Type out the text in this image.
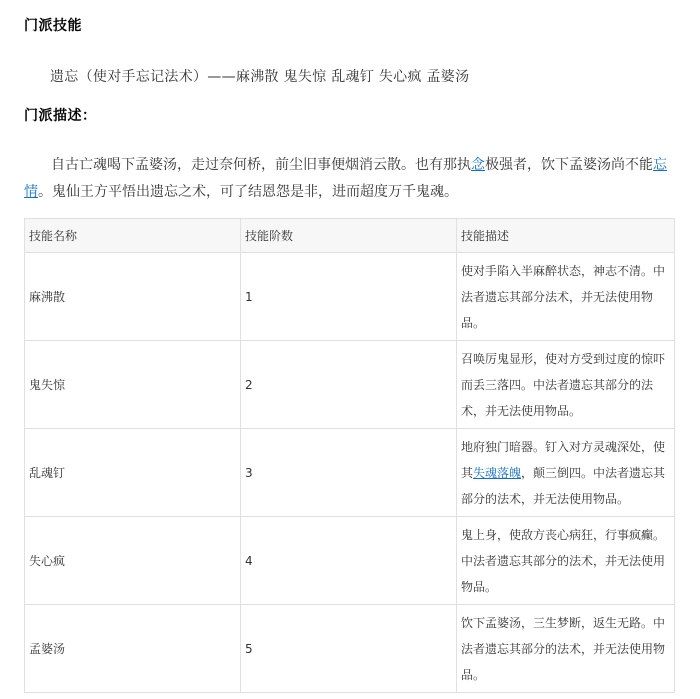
门派技能
遗忘（使对手忘记法术）——麻沸散 鬼失惊 乱魂钉 失心疯 孟婆汤
门派描述：

自古亡魂喝下孟婆汤，走过奈何桥，前尘旧事便烟消云散。也有那执念极强者，饮下孟婆汤尚不能忘情。鬼仙王方平悟出遗忘之术，可了结恩怨是非，进而超度万千鬼魂。

技能名称	技能阶数	技能描述
麻沸散	1	使对手陷入半麻醉状态，神志不清。中法者遗忘其部分法术，并无法使用物品。
鬼失惊	2	召唤厉鬼显形，使对方受到过度的惊吓而丢三落四。中法者遗忘其部分的法术，并无法使用物品。
乱魂钉	3	地府独门暗器。钉入对方灵魂深处，使其失魂落魄，颠三倒四。中法者遗忘其部分的法术，并无法使用物品。
失心疯	4	鬼上身，使敌方丧心病狂，行事疯癫。中法者遗忘其部分的法术，并无法使用物品。
孟婆汤	5	饮下孟婆汤，三生梦断，返生无路。中法者遗忘其部分的法术，并无法使用物品。
